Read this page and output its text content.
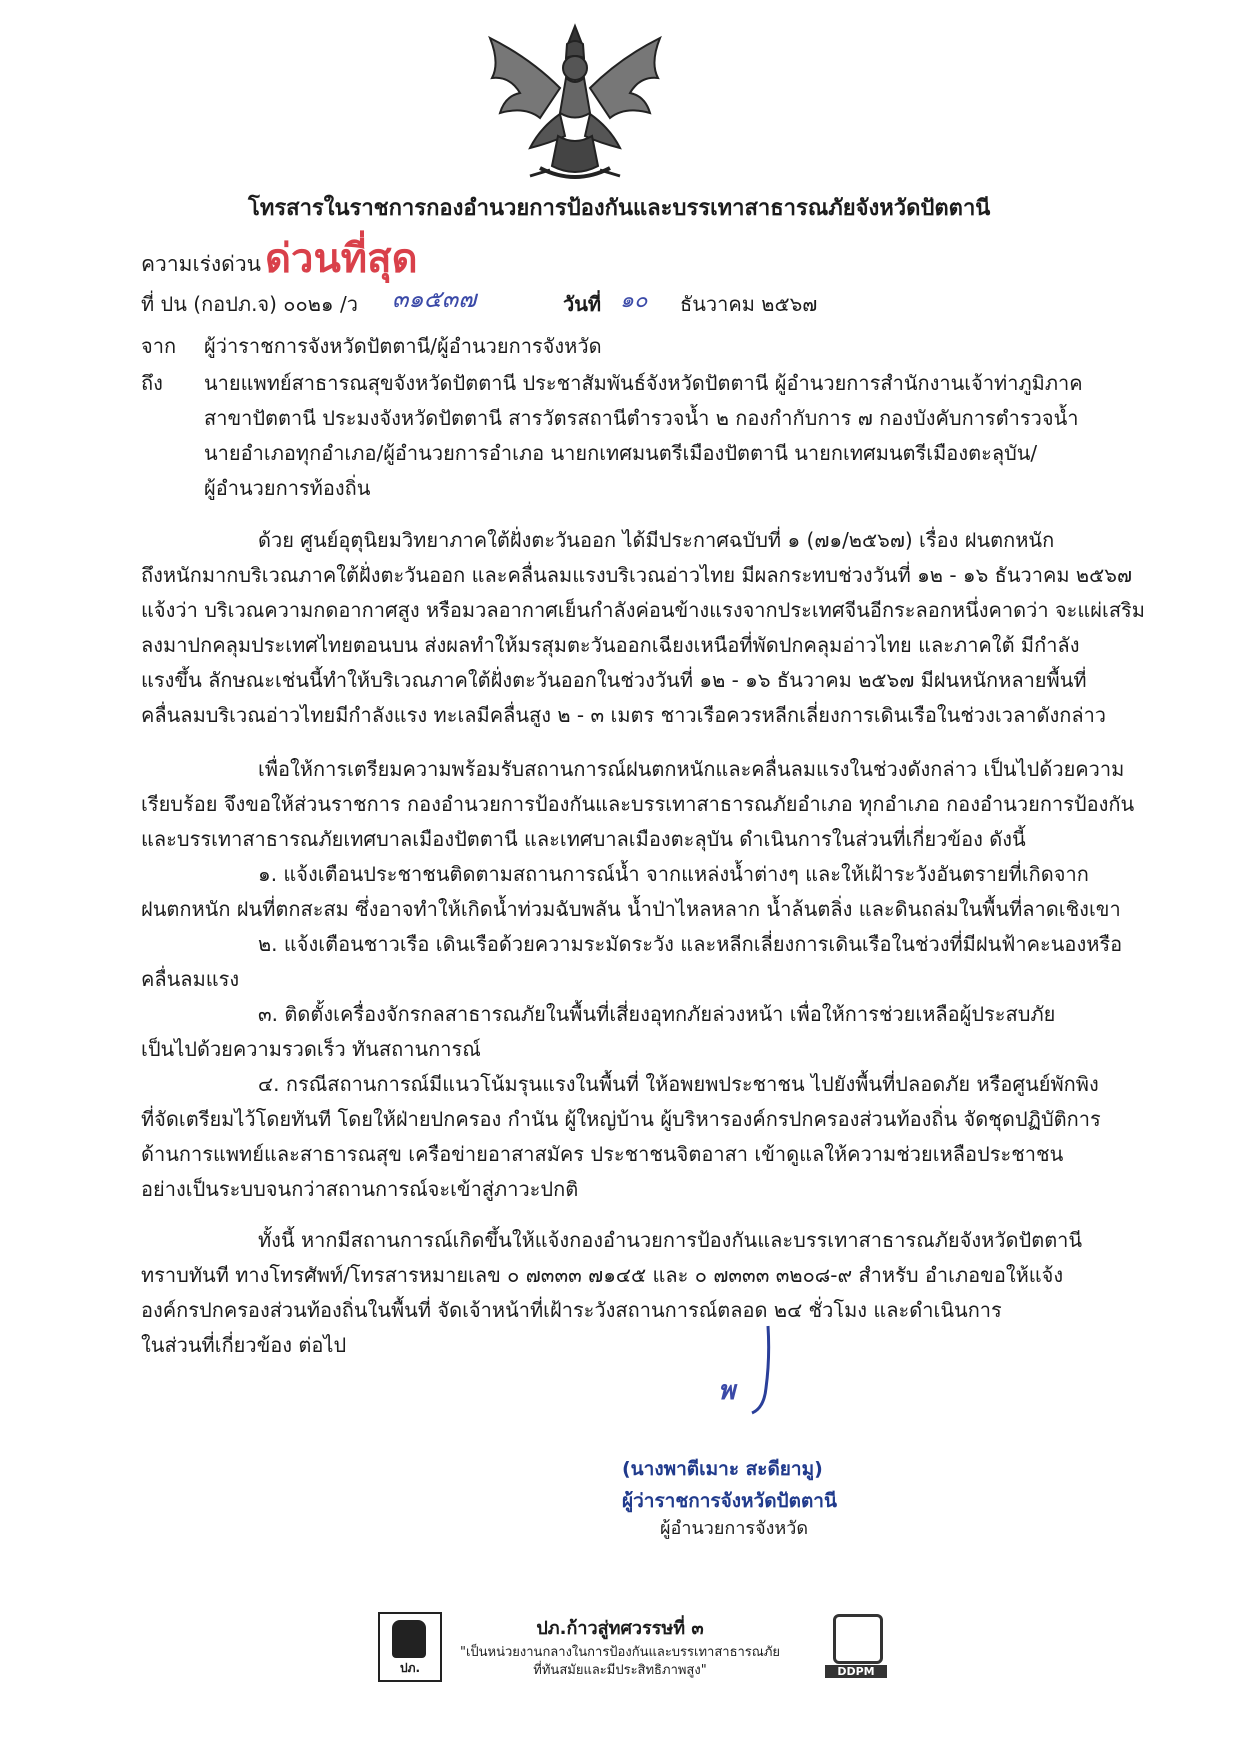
โทรสารในราชการกองอำนวยการป้องกันและบรรเทาสาธารณภัยจังหวัดปัตตานี
ความเร่งด่วน ด่วนที่สุด
ที่ ปน (กอปภ.จ) ๐๐๒๑ /ว ๓๑๕๓๗	วันที่ ๑๐ ธันวาคม ๒๕๖๗
จาก ผู้ว่าราชการจังหวัดปัตตานี/ผู้อำนวยการจังหวัด
ถึง นายแพทย์สาธารณสุขจังหวัดปัตตานี ประชาสัมพันธ์จังหวัดปัตตานี ผู้อำนวยการสำนักงานเจ้าท่าภูมิภาค
สาขาปัตตานี ประมงจังหวัดปัตตานี สารวัตรสถานีตำรวจน้ำ ๒ กองกำกับการ ๗ กองบังคับการตำรวจน้ำ
นายอำเภอทุกอำเภอ/ผู้อำนวยการอำเภอ นายกเทศมนตรีเมืองปัตตานี นายกเทศมนตรีเมืองตะลุบัน/
ผู้อำนวยการท้องถิ่น
ด้วย ศูนย์อุตุนิยมวิทยาภาคใต้ฝั่งตะวันออก ได้มีประกาศฉบับที่ ๑ (๗๑/๒๕๖๗) เรื่อง ฝนตกหนัก
ถึงหนักมากบริเวณภาคใต้ฝั่งตะวันออก และคลื่นลมแรงบริเวณอ่าวไทย มีผลกระทบช่วงวันที่ ๑๒ - ๑๖ ธันวาคม ๒๕๖๗
แจ้งว่า บริเวณความกดอากาศสูง หรือมวลอากาศเย็นกำลังค่อนข้างแรงจากประเทศจีนอีกระลอกหนึ่งคาดว่า จะแผ่เสริม
ลงมาปกคลุมประเทศไทยตอนบน ส่งผลทำให้มรสุมตะวันออกเฉียงเหนือที่พัดปกคลุมอ่าวไทย และภาคใต้ มีกำลัง
แรงขึ้น ลักษณะเช่นนี้ทำให้บริเวณภาคใต้ฝั่งตะวันออกในช่วงวันที่ ๑๒ - ๑๖ ธันวาคม ๒๕๖๗ มีฝนหนักหลายพื้นที่
คลื่นลมบริเวณอ่าวไทยมีกำลังแรง ทะเลมีคลื่นสูง ๒ - ๓ เมตร ชาวเรือควรหลีกเลี่ยงการเดินเรือในช่วงเวลาดังกล่าว
เพื่อให้การเตรียมความพร้อมรับสถานการณ์ฝนตกหนักและคลื่นลมแรงในช่วงดังกล่าว เป็นไปด้วยความ
เรียบร้อย จึงขอให้ส่วนราชการ กองอำนวยการป้องกันและบรรเทาสาธารณภัยอำเภอ ทุกอำเภอ กองอำนวยการป้องกัน
และบรรเทาสาธารณภัยเทศบาลเมืองปัตตานี และเทศบาลเมืองตะลุบัน ดำเนินการในส่วนที่เกี่ยวข้อง ดังนี้
๑. แจ้งเตือนประชาชนติดตามสถานการณ์น้ำ จากแหล่งน้ำต่างๆ และให้เฝ้าระวังอันตรายที่เกิดจาก
ฝนตกหนัก ฝนที่ตกสะสม ซึ่งอาจทำให้เกิดน้ำท่วมฉับพลัน น้ำป่าไหลหลาก น้ำล้นตลิ่ง และดินถล่มในพื้นที่ลาดเชิงเขา
๒. แจ้งเตือนชาวเรือ เดินเรือด้วยความระมัดระวัง และหลีกเลี่ยงการเดินเรือในช่วงที่มีฝนฟ้าคะนองหรือ
คลื่นลมแรง
๓. ติดตั้งเครื่องจักรกลสาธารณภัยในพื้นที่เสี่ยงอุทกภัยล่วงหน้า เพื่อให้การช่วยเหลือผู้ประสบภัย
เป็นไปด้วยความรวดเร็ว ทันสถานการณ์
๔. กรณีสถานการณ์มีแนวโน้มรุนแรงในพื้นที่ ให้อพยพประชาชน ไปยังพื้นที่ปลอดภัย หรือศูนย์พักพิง
ที่จัดเตรียมไว้โดยทันที โดยให้ฝ่ายปกครอง กำนัน ผู้ใหญ่บ้าน ผู้บริหารองค์กรปกครองส่วนท้องถิ่น จัดชุดปฏิบัติการ
ด้านการแพทย์และสาธารณสุข เครือข่ายอาสาสมัคร ประชาชนจิตอาสา เข้าดูแลให้ความช่วยเหลือประชาชน
อย่างเป็นระบบจนกว่าสถานการณ์จะเข้าสู่ภาวะปกติ
ทั้งนี้ หากมีสถานการณ์เกิดขึ้นให้แจ้งกองอำนวยการป้องกันและบรรเทาสาธารณภัยจังหวัดปัตตานี
ทราบทันที ทางโทรศัพท์/โทรสารหมายเลข ๐ ๗๓๓๓ ๗๑๔๕ และ ๐ ๗๓๓๓ ๓๒๐๘-๙ สำหรับ อำเภอขอให้แจ้ง
องค์กรปกครองส่วนท้องถิ่นในพื้นที่ จัดเจ้าหน้าที่เฝ้าระวังสถานการณ์ตลอด ๒๔ ชั่วโมง และดำเนินการ
ในส่วนที่เกี่ยวข้อง ต่อไป
พ
(นางพาตีเมาะ สะดียามู)
ผู้ว่าราชการจังหวัดปัตตานี
ผู้อำนวยการจังหวัด
ปภ.
ปภ.ก้าวสู่ทศวรรษที่ ๓
"เป็นหน่วยงานกลางในการป้องกันและบรรเทาสาธารณภัย
ที่ทันสมัยและมีประสิทธิภาพสูง"	DDPM
